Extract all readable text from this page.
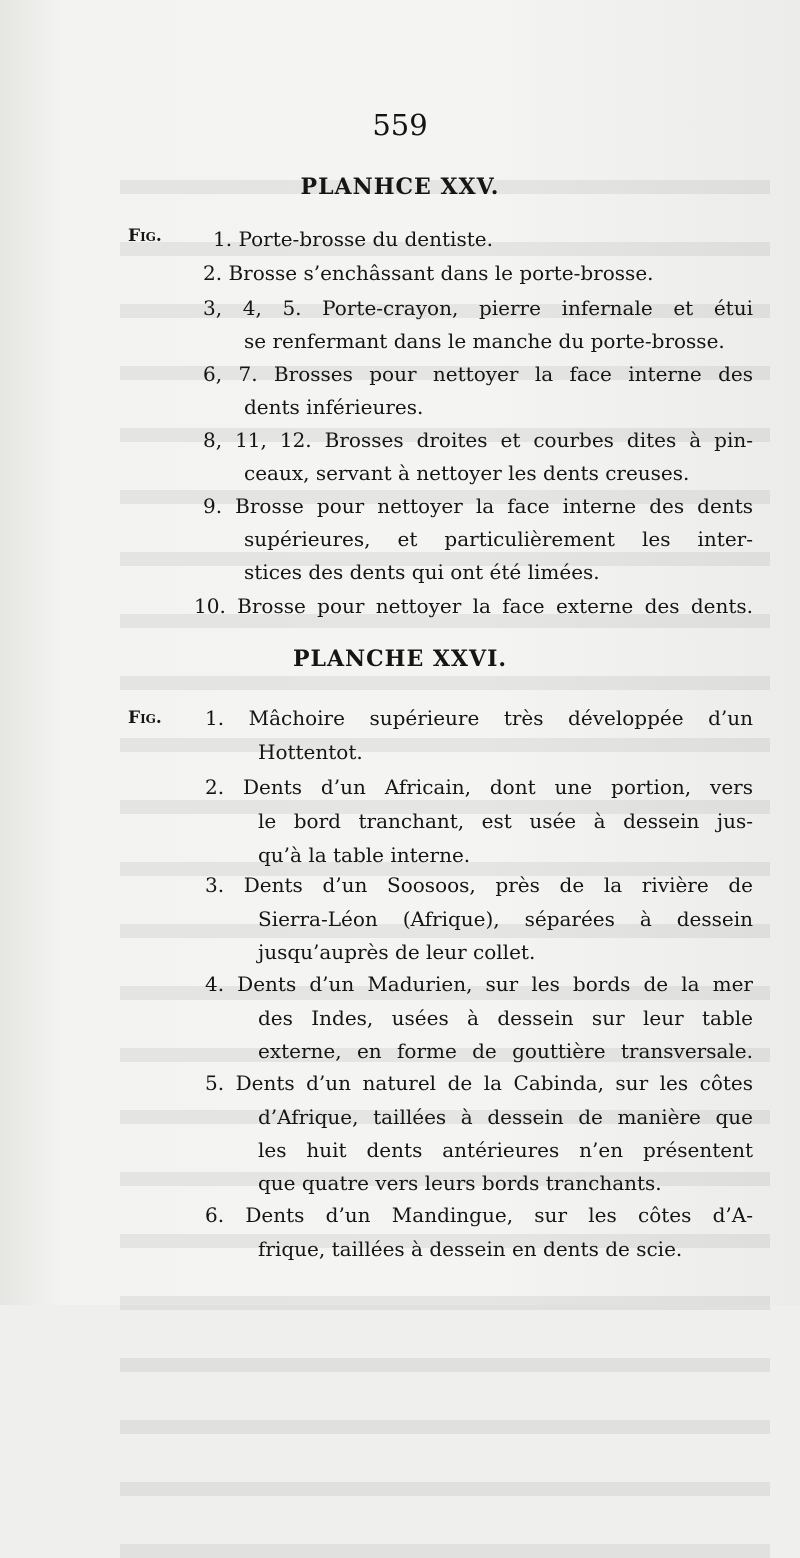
559
PLANHCE XXV.
Fig.	1. Porte-brosse du dentiste.
2. Brosse s’enchâssant dans le porte-brosse.
3, 4, 5. Porte-crayon, pierre infernale et étui
se renfermant dans le manche du porte-brosse.
6, 7. Brosses pour nettoyer la face interne des
dents inférieures.
8, 11, 12. Brosses droites et courbes dites à pin-
ceaux, servant à nettoyer les dents creuses.
9. Brosse pour nettoyer la face interne des dents
supérieures, et particulièrement les inter-
stices des dents qui ont été limées.
10. Brosse pour nettoyer la face externe des dents.
PLANCHE XXVI.
Fig. 1. Mâchoire supérieure très développée d’un
Hottentot.
2. Dents d’un Africain, dont une portion, vers
le bord tranchant, est usée à dessein jus-
qu’à la table interne.
3. Dents d’un Soosoos, près de la rivière de
Sierra-Léon (Afrique), séparées à dessein
jusqu’auprès de leur collet.
4. Dents d’un Madurien, sur les bords de la mer
des Indes, usées à dessein sur leur table
externe, en forme de gouttière transversale.
5. Dents d’un naturel de la Cabinda, sur les côtes
d’Afrique, taillées à dessein de manière que
les huit dents antérieures n’en présentent
que quatre vers leurs bords tranchants.
6. Dents d’un Mandingue, sur les côtes d’A-
frique, taillées à dessein en dents de scie.
